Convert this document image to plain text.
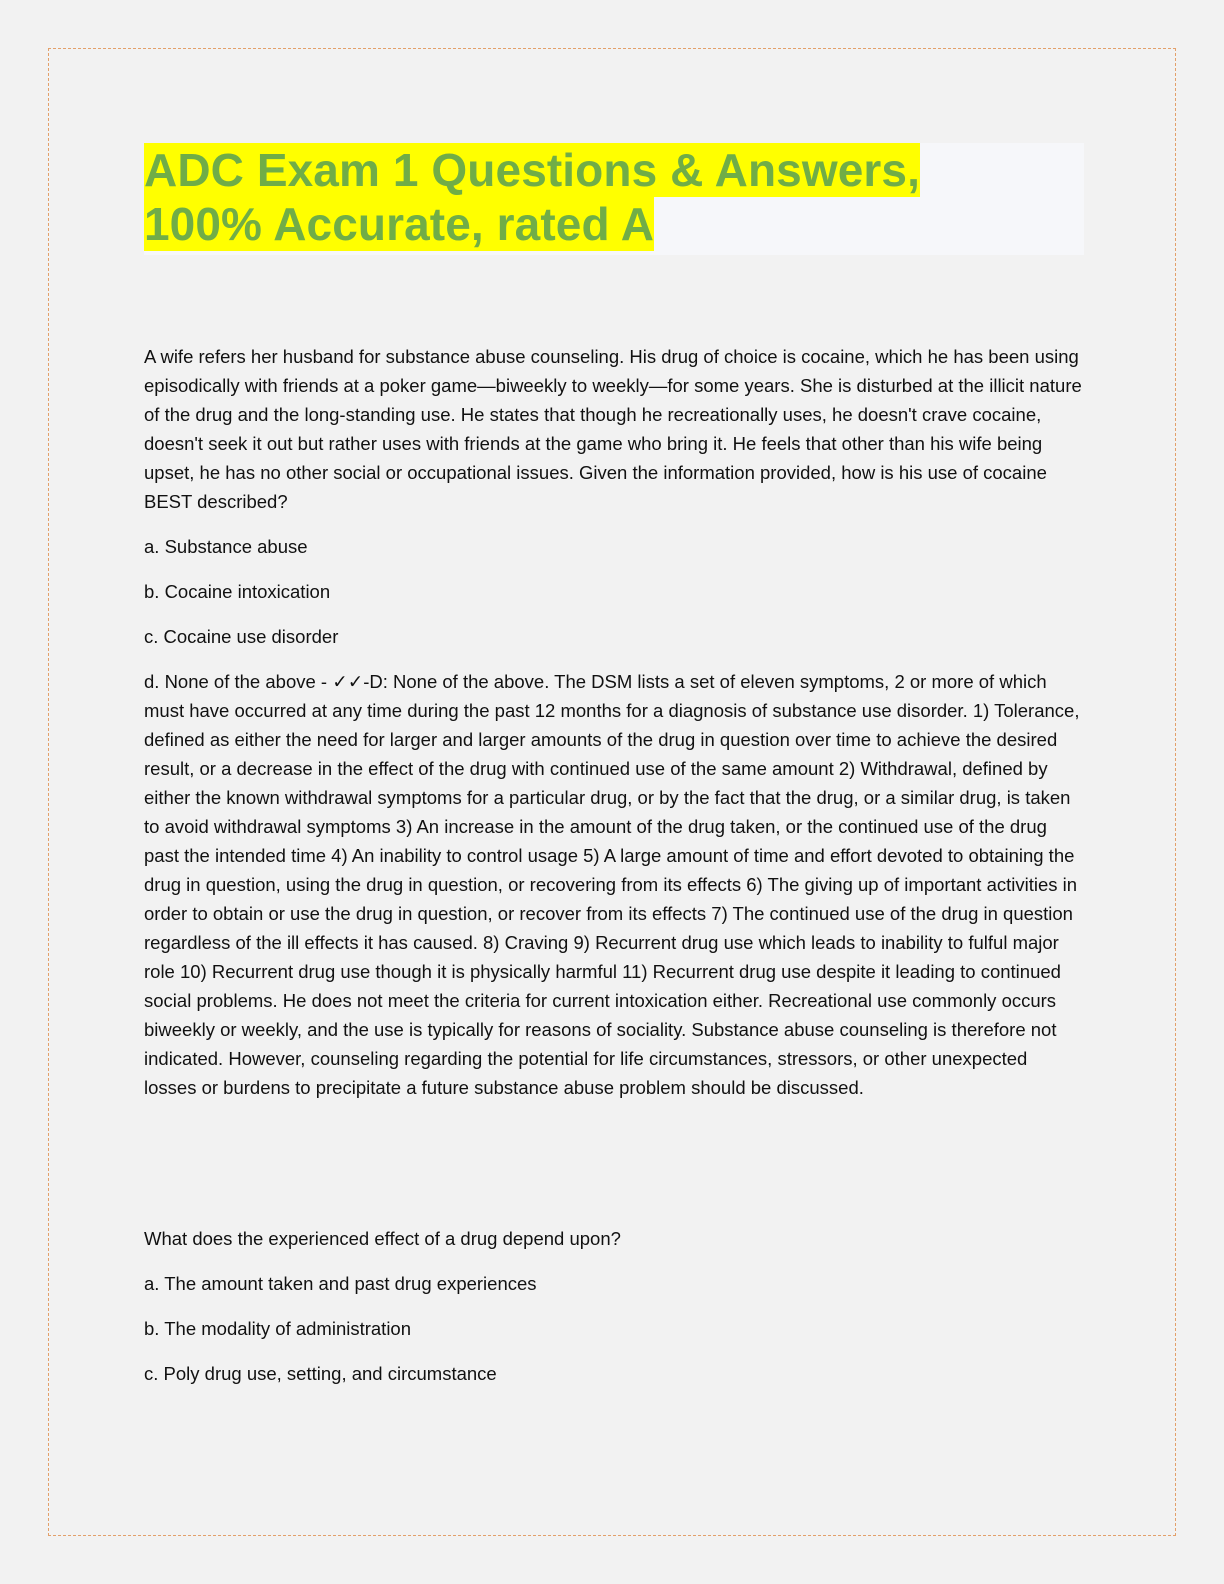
ADC Exam 1 Questions & Answers,
100% Accurate, rated A

A wife refers her husband for substance abuse counseling. His drug of choice is cocaine, which he has been using episodically with friends at a poker game—biweekly to weekly—for some years. She is disturbed at the illicit nature of the drug and the long-standing use. He states that though he recreationally uses, he doesn't crave cocaine, doesn't seek it out but rather uses with friends at the game who bring it. He feels that other than his wife being upset, he has no other social or occupational issues. Given the information provided, how is his use of cocaine BEST described?

a. Substance abuse

b. Cocaine intoxication

c. Cocaine use disorder

d. None of the above - ✓✓-D: None of the above. The DSM lists a set of eleven symptoms, 2 or more of which must have occurred at any time during the past 12 months for a diagnosis of substance use disorder. 1) Tolerance, defined as either the need for larger and larger amounts of the drug in question over time to achieve the desired result, or a decrease in the effect of the drug with continued use of the same amount 2) Withdrawal, defined by either the known withdrawal symptoms for a particular drug, or by the fact that the drug, or a similar drug, is taken to avoid withdrawal symptoms 3) An increase in the amount of the drug taken, or the continued use of the drug past the intended time 4) An inability to control usage 5) A large amount of time and effort devoted to obtaining the drug in question, using the drug in question, or recovering from its effects 6) The giving up of important activities in order to obtain or use the drug in question, or recover from its effects 7) The continued use of the drug in question regardless of the ill effects it has caused. 8) Craving 9) Recurrent drug use which leads to inability to fulful major role 10) Recurrent drug use though it is physically harmful 11) Recurrent drug use despite it leading to continued social problems. He does not meet the criteria for current intoxication either. Recreational use commonly occurs biweekly or weekly, and the use is typically for reasons of sociality. Substance abuse counseling is therefore not indicated. However, counseling regarding the potential for life circumstances, stressors, or other unexpected losses or burdens to precipitate a future substance abuse problem should be discussed.

What does the experienced effect of a drug depend upon?

a. The amount taken and past drug experiences

b. The modality of administration

c. Poly drug use, setting, and circumstance
